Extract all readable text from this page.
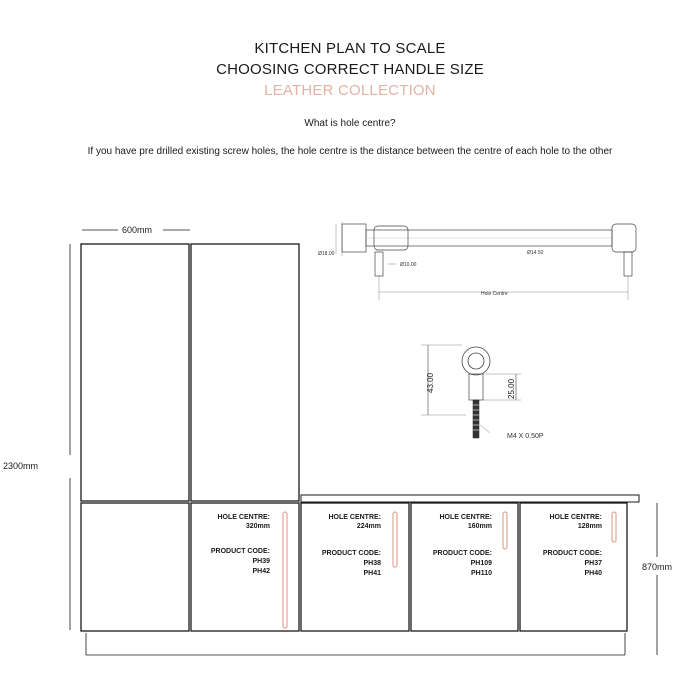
KITCHEN PLAN TO SCALE
CHOOSING CORRECT HANDLE SIZE
LEATHER COLLECTION
What is hole centre?
If you have pre drilled existing screw holes, the hole centre is the distance between the centre of each hole to the other
600mm
2300mm
870mm
HOLE CENTRE:
320mm
PRODUCT CODE:
PH39
PH42
HOLE CENTRE:
224mm
PRODUCT CODE:
PH38
PH41
HOLE CENTRE:
160mm
PRODUCT CODE:
PH109
PH110
HOLE CENTRE:
128mm
PRODUCT CODE:
PH37
PH40
Ø18.00
Ø10.00
Ø14.50
Hole Centre
43.00	25.00
M4 X 0.50P
